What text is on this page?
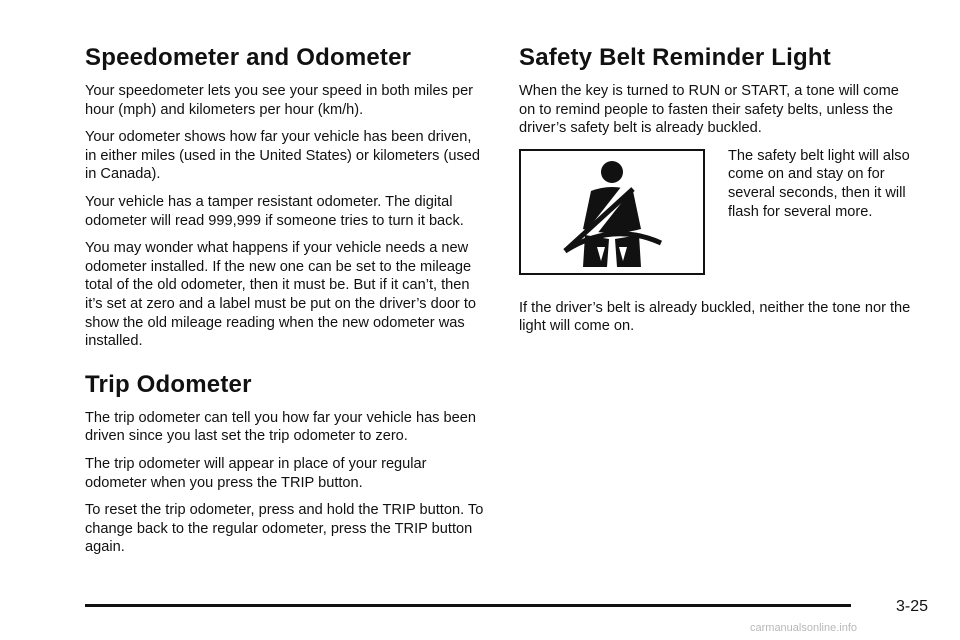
Speedometer and Odometer

Your speedometer lets you see your speed in both miles per hour (mph) and kilometers per hour (km/h).

Your odometer shows how far your vehicle has been driven, in either miles (used in the United States) or kilometers (used in Canada).

Your vehicle has a tamper resistant odometer. The digital odometer will read 999,999 if someone tries to turn it back.

You may wonder what happens if your vehicle needs a new odometer installed. If the new one can be set to the mileage total of the old odometer, then it must be. But if it can’t, then it’s set at zero and a label must be put on the driver’s door to show the old mileage reading when the new odometer was installed.

Trip Odometer

The trip odometer can tell you how far your vehicle has been driven since you last set the trip odometer to zero.

The trip odometer will appear in place of your regular odometer when you press the TRIP button.

To reset the trip odometer, press and hold the TRIP button. To change back to the regular odometer, press the TRIP button again.

Safety Belt Reminder Light

When the key is turned to RUN or START, a tone will come on to remind people to fasten their safety belts, unless the driver’s safety belt is already buckled.

The safety belt light will also come on and stay on for several seconds, then it will flash for several more.

If the driver’s belt is already buckled, neither the tone nor the light will come on.

3-25
carmanualsonline.info
